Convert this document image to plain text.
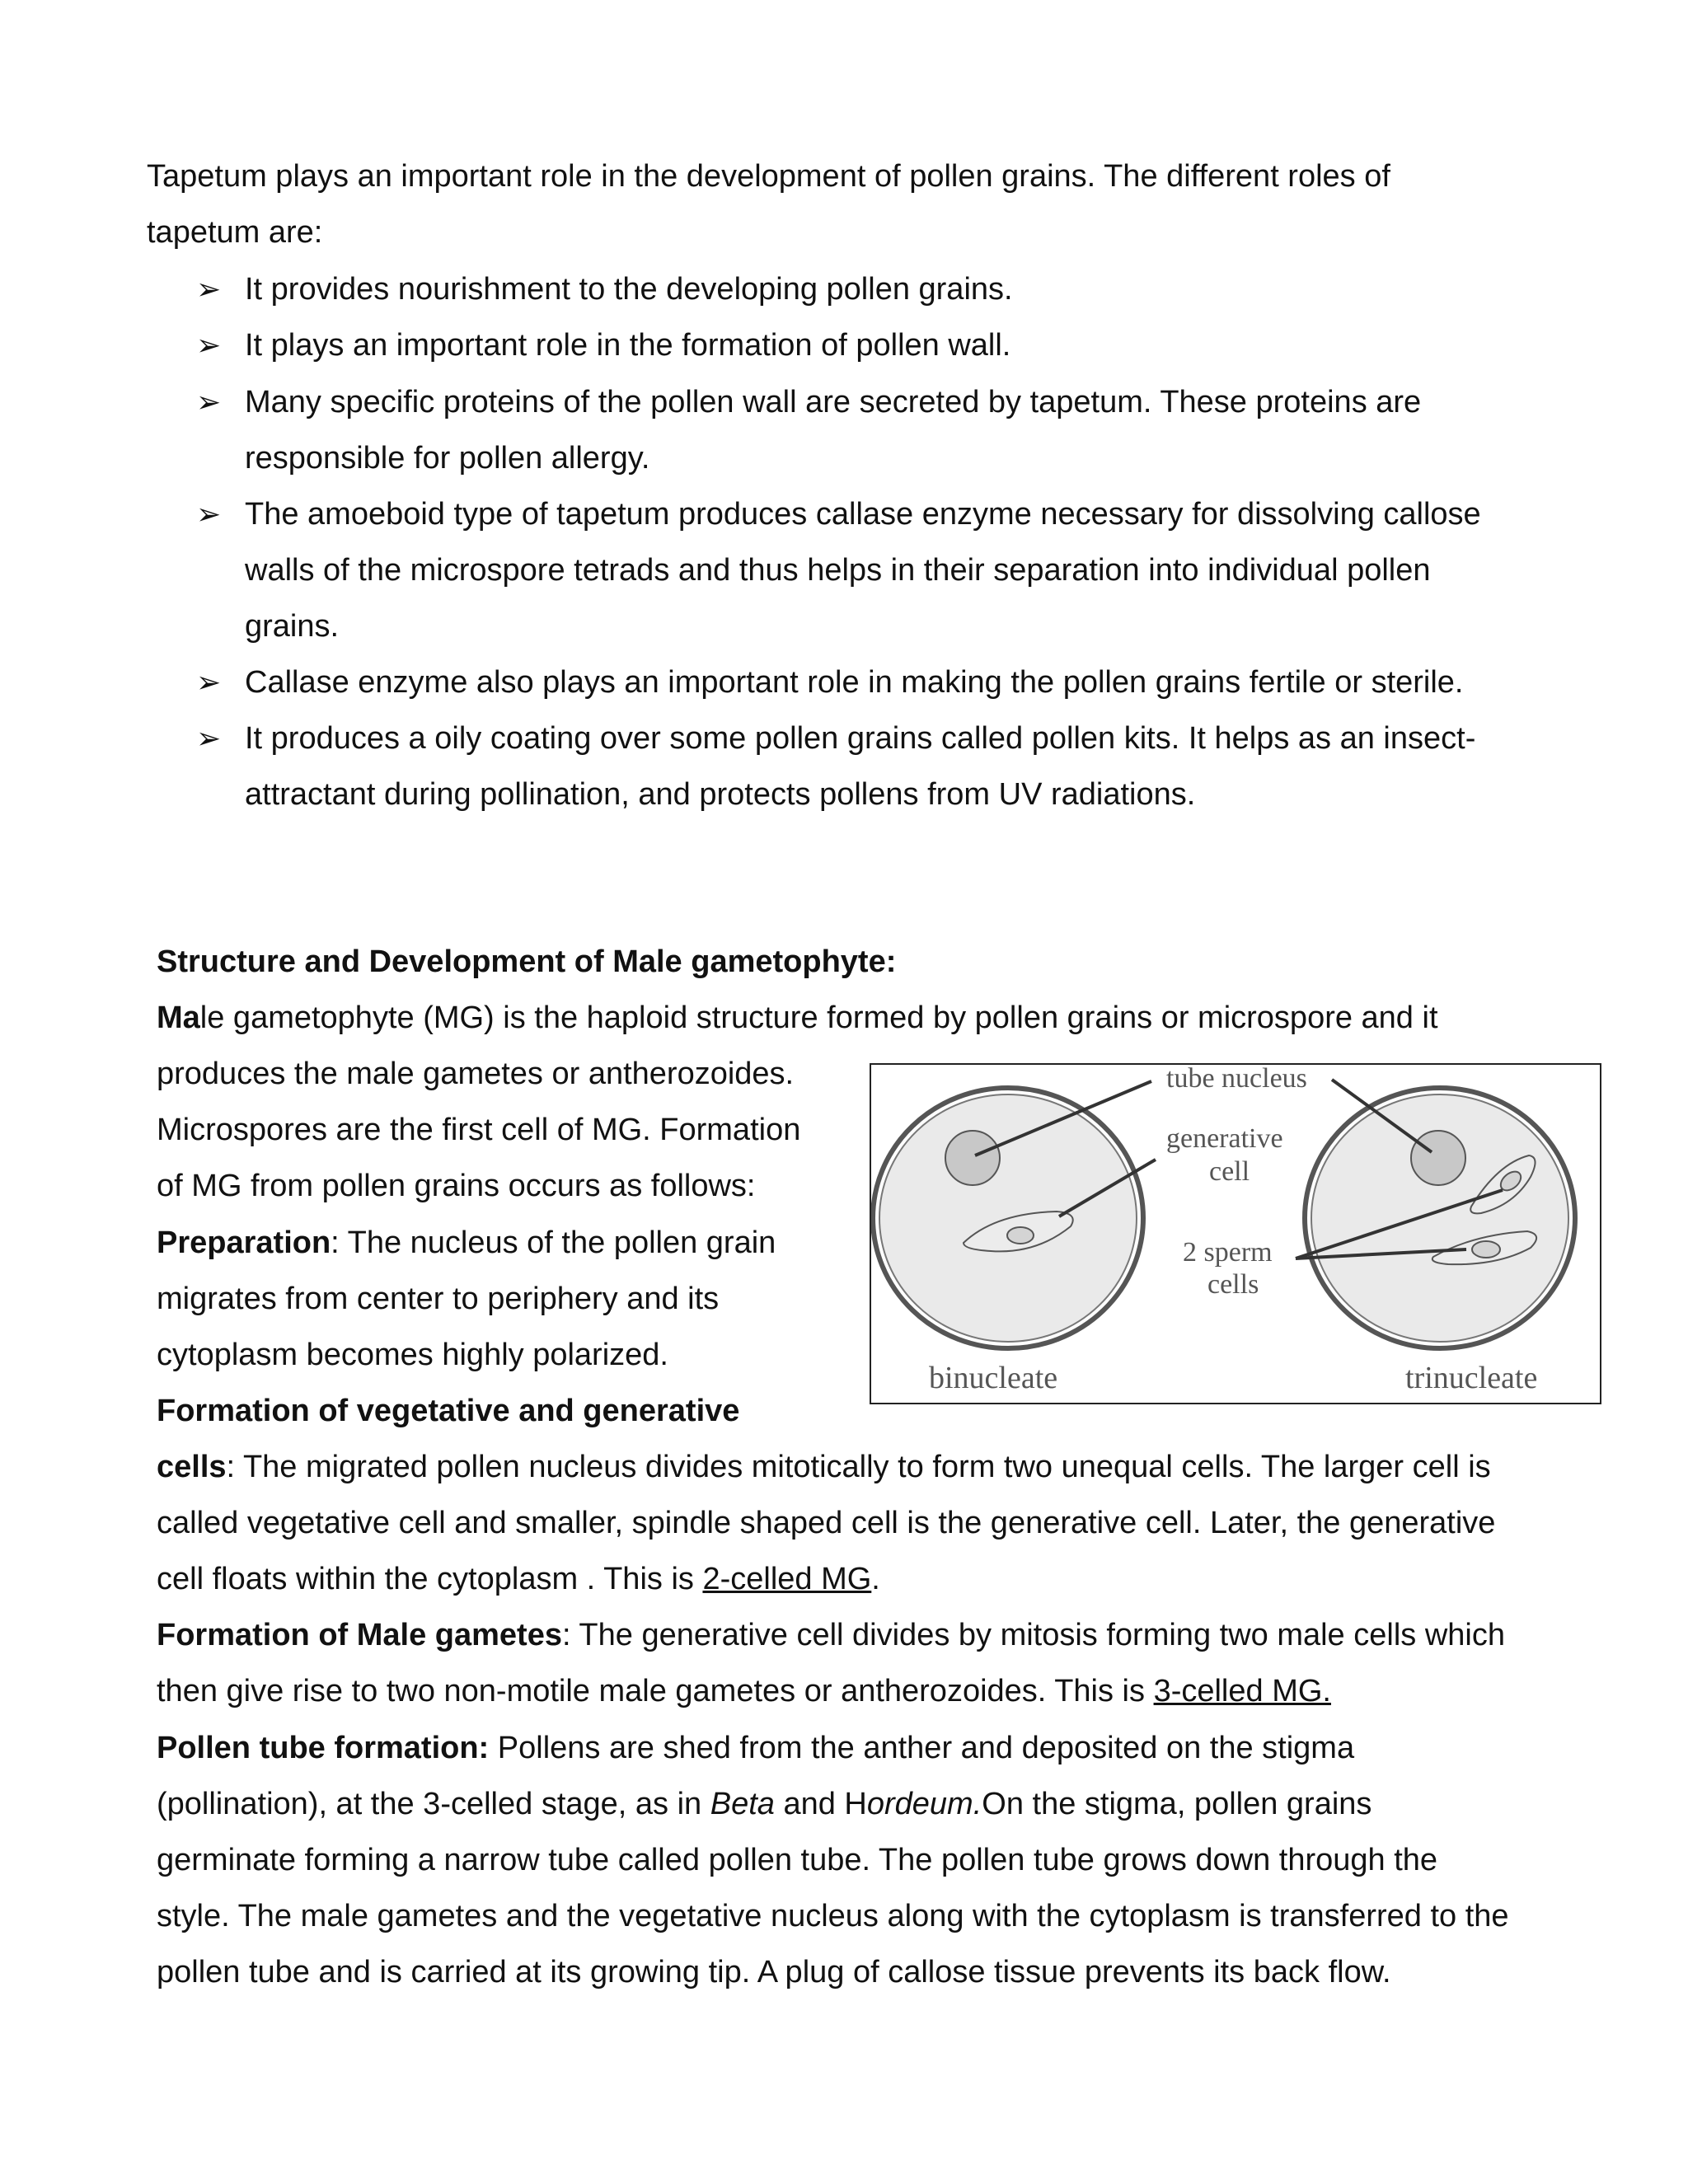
Tapetum plays an important role in the development of pollen grains. The different roles of
tapetum are:
➢ It provides nourishment to the developing pollen grains.
➢ It plays an important role in the formation of pollen wall.
➢ Many specific proteins of the pollen wall are secreted by tapetum. These proteins are
responsible for pollen allergy.
➢ The amoeboid type of tapetum produces callase enzyme necessary for dissolving callose
walls of the microspore tetrads and thus helps in their separation into individual pollen
grains.
➢ Callase enzyme also plays an important role in making the pollen grains fertile or sterile.
➢ It produces a oily coating over some pollen grains called pollen kits. It helps as an insect-
attractant during pollination, and protects pollens from UV radiations.
Structure and Development of Male gametophyte:
Male gametophyte (MG) is the haploid structure formed by pollen grains or microspore and it
produces the male gametes or antherozoides.
Microspores are the first cell of MG. Formation
of MG from pollen grains occurs as follows:
Preparation: The nucleus of the pollen grain
migrates from center to periphery and its
cytoplasm becomes highly polarized.
Formation of vegetative and generative
cells: The migrated pollen nucleus divides mitotically to form two unequal cells. The larger cell is
called vegetative cell and smaller, spindle shaped cell is the generative cell. Later, the generative
cell floats within the cytoplasm . This is 2-celled MG.
Formation of Male gametes: The generative cell divides by mitosis forming two male cells which
then give rise to two non-motile male gametes or antherozoides. This is 3-celled MG.
Pollen tube formation: Pollens are shed from the anther and deposited on the stigma
(pollination), at the 3-celled stage, as in Beta and Hordeum.On the stigma, pollen grains
germinate forming a narrow tube called pollen tube. The pollen tube grows down through the
style. The male gametes and the vegetative nucleus along with the cytoplasm is transferred to the
pollen tube and is carried at its growing tip. A plug of callose tissue prevents its back flow.
tube nucleus
generative
cell
2 sperm
cells
binucleate	trinucleate
